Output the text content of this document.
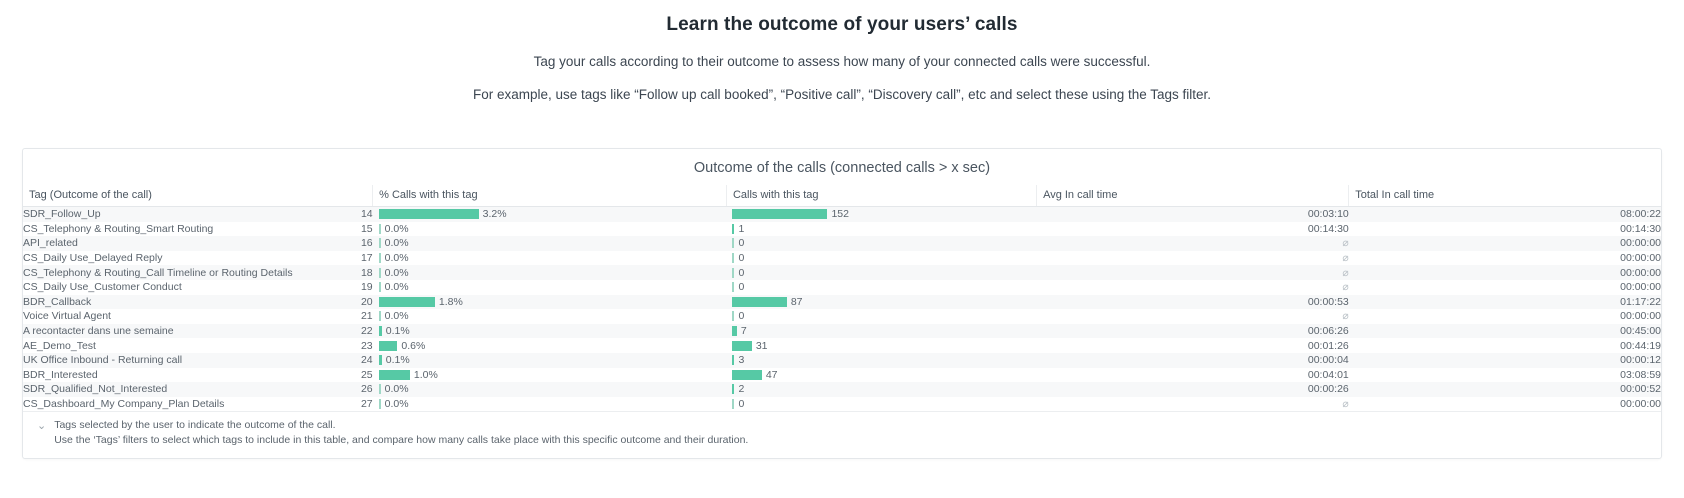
Learn the outcome of your users’ calls

Tag your calls according to their outcome to assess how many of your connected calls were successful.

For example, use tags like “Follow up call booked”, “Positive call”, “Discovery call”, etc and select these using the Tags filter.

Outcome of the calls (connected calls > x sec)
Tag (Outcome of the call)		% Calls with this tag	Calls with this tag	Avg In call time	Total In call time
SDR_Follow_Up	14	3.2%	152	00:03:10	08:00:22
CS_Telephony & Routing_Smart Routing	15	0.0%	1	00:14:30	00:14:30
API_related	16	0.0%	0	⌀	00:00:00
CS_Daily Use_Delayed Reply	17	0.0%	0	⌀	00:00:00
CS_Telephony & Routing_Call Timeline or Routing Details	18	0.0%	0	⌀	00:00:00
CS_Daily Use_Customer Conduct	19	0.0%	0	⌀	00:00:00
BDR_Callback	20	1.8%	87	00:00:53	01:17:22
Voice Virtual Agent	21	0.0%	0	⌀	00:00:00
A recontacter dans une semaine	22	0.1%	7	00:06:26	00:45:00
AE_Demo_Test	23	0.6%	31	00:01:26	00:44:19
UK Office Inbound - Returning call	24	0.1%	3	00:00:04	00:00:12
BDR_Interested	25	1.0%	47	00:04:01	03:08:59
SDR_Qualified_Not_Interested	26	0.0%	2	00:00:26	00:00:52
CS_Dashboard_My Company_Plan Details	27	0.0%	0	⌀	00:00:00
⌄ Tags selected by the user to indicate the outcome of the call.
Use the ‘Tags’ filters to select which tags to include in this table, and compare how many calls take place with this specific outcome and their duration.
